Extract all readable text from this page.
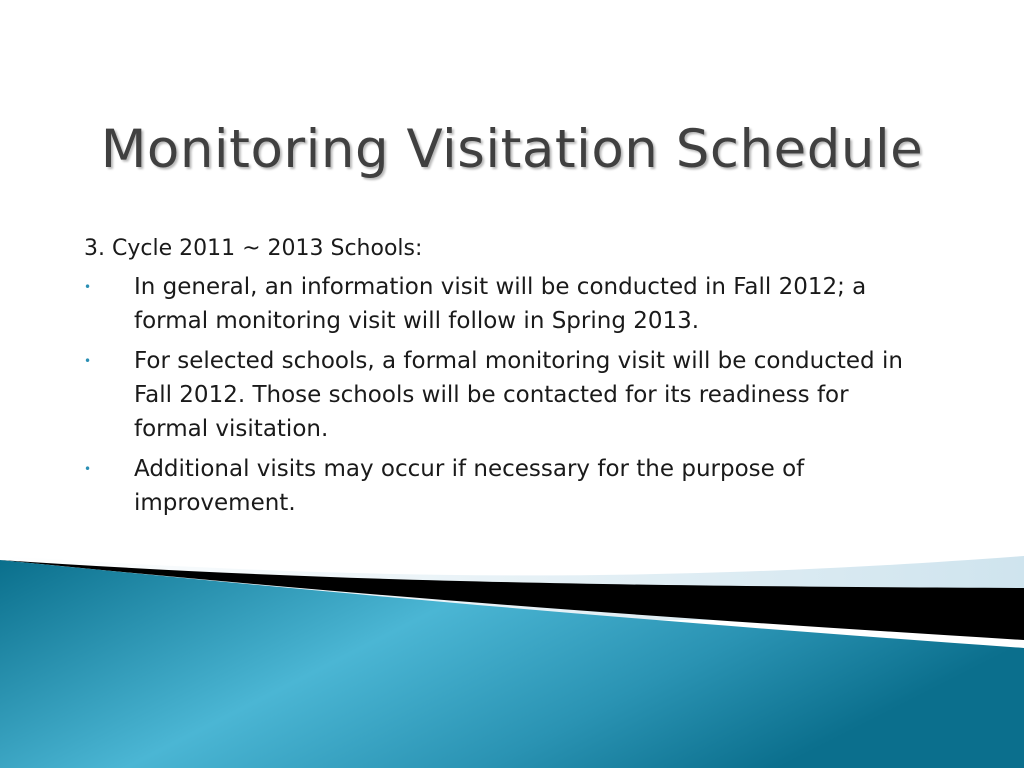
Monitoring Visitation Schedule

3. Cycle 2011 ~ 2013 Schools:

• In general, an information visit will be conducted in Fall 2012; a formal monitoring visit will follow in Spring 2013.
• For selected schools, a formal monitoring visit will be conducted in Fall 2012. Those schools will be contacted for its readiness for formal visitation.
• Additional visits may occur if necessary for the purpose of improvement.
